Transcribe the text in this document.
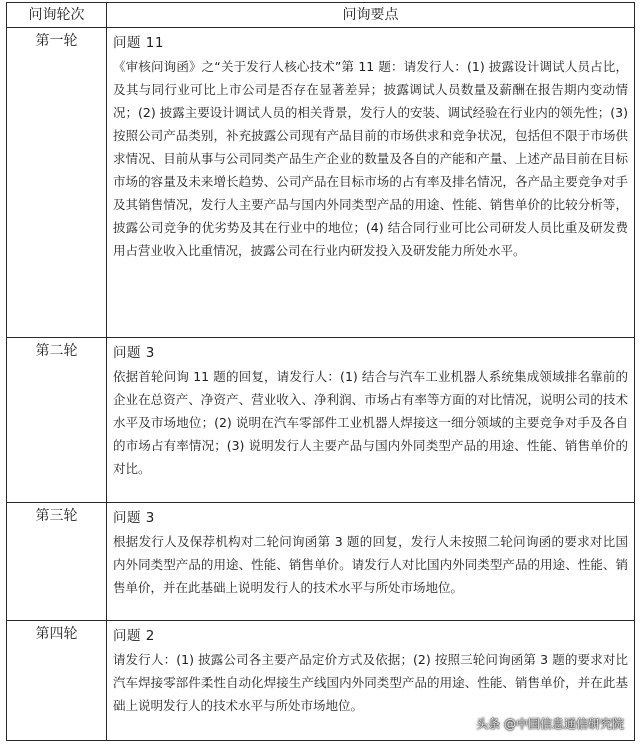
问询轮次	问询要点
第一轮	问题 11
《审核问询函》之“关于发行人核心技术”第 11 题：请发行人：(1) 披露设计调试人员占比，及其与同行业可比上市公司是否存在显著差异；披露调试人员数量及薪酬在报告期内变动情况；(2) 披露主要设计调试人员的相关背景，发行人的安装、调试经验在行业内的领先性；(3) 按照公司产品类别，补充披露公司现有产品目前的市场供求和竞争状况，包括但不限于市场供求情况、目前从事与公司同类产品生产企业的数量及各自的产能和产量、上述产品目前在目标市场的容量及未来增长趋势、公司产品在目标市场的占有率及排名情况，各产品主要竞争对手及其销售情况，发行人主要产品与国内外同类型产品的用途、性能、销售单价的比较分析等，披露公司竞争的优劣势及其在行业中的地位；(4) 结合同行业可比公司研发人员比重及研发费用占营业收入比重情况，披露公司在行业内研发投入及研发能力所处水平。

第二轮	问题 3
依据首轮问询 11 题的回复，请发行人：(1) 结合与汽车工业机器人系统集成领域排名靠前的企业在总资产、净资产、营业收入、净利润、市场占有率等方面的对比情况，说明公司的技术水平及市场地位；(2) 说明在汽车零部件工业机器人焊接这一细分领域的主要竞争对手及各自的市场占有率情况；(3) 说明发行人主要产品与国内外同类型产品的用途、性能、销售单价的对比。

第三轮	问题 3
根据发行人及保荐机构对二轮问询函第 3 题的回复，发行人未按照二轮问询函的要求对比国内外同类型产品的用途、性能、销售单价。请发行人对比国内外同类型产品的用途、性能、销售单价，并在此基础上说明发行人的技术水平与所处市场地位。

第四轮	问题 2
请发行人：(1) 披露公司各主要产品定价方式及依据；(2) 按照三轮问询函第 3 题的要求对比汽车焊接零部件柔性自动化焊接生产线国内外同类型产品的用途、性能、销售单价，并在此基础上说明发行人的技术水平与所处市场地位。
头条 @中国信息通信研究院
